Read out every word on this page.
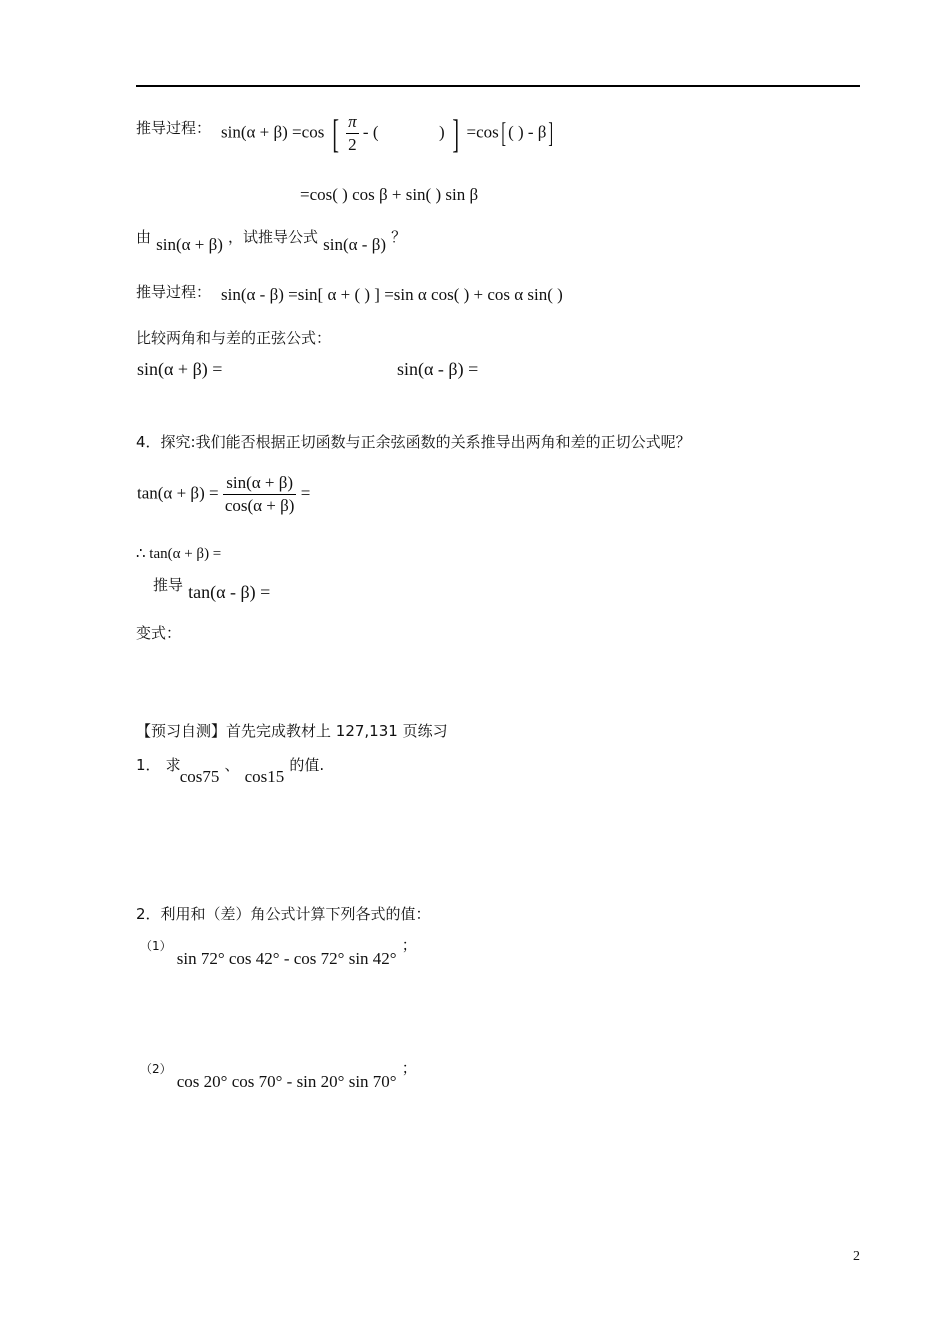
推导过程： sin(α + β) =cos [ $\frac{\pi}{2}$ - (	) ] =cos[ ( ) - β]
=cos( ) cos β + sin( ) sin β
由 sin(α + β) ，试推导公式 sin(α - β) ？
推导过程： sin(α - β) =sin[ α + ( ) ] =sin α cos( ) + cos α sin( )
比较两角和与差的正弦公式：
sin(α + β) =	sin(α - β) =
4．探究:我们能否根据正切函数与正余弦函数的关系推导出两角和差的正切公式呢？
$\tan(\alpha + \beta) = \frac{\sin(\alpha + \beta)}{\cos(\alpha + \beta)}$ =
∴ tan(α + β) =
推导 tan(α - β) =
变式：
【预习自测】首先完成教材上 127,131 页练习
1． 求 cos75 、 cos15 的值.
2．利用和（差）角公式计算下列各式的值：
（1） sin 72° cos 42° - cos 72° sin 42° ；
（2） cos 20° cos 70° - sin 20° sin 70° ；
2
